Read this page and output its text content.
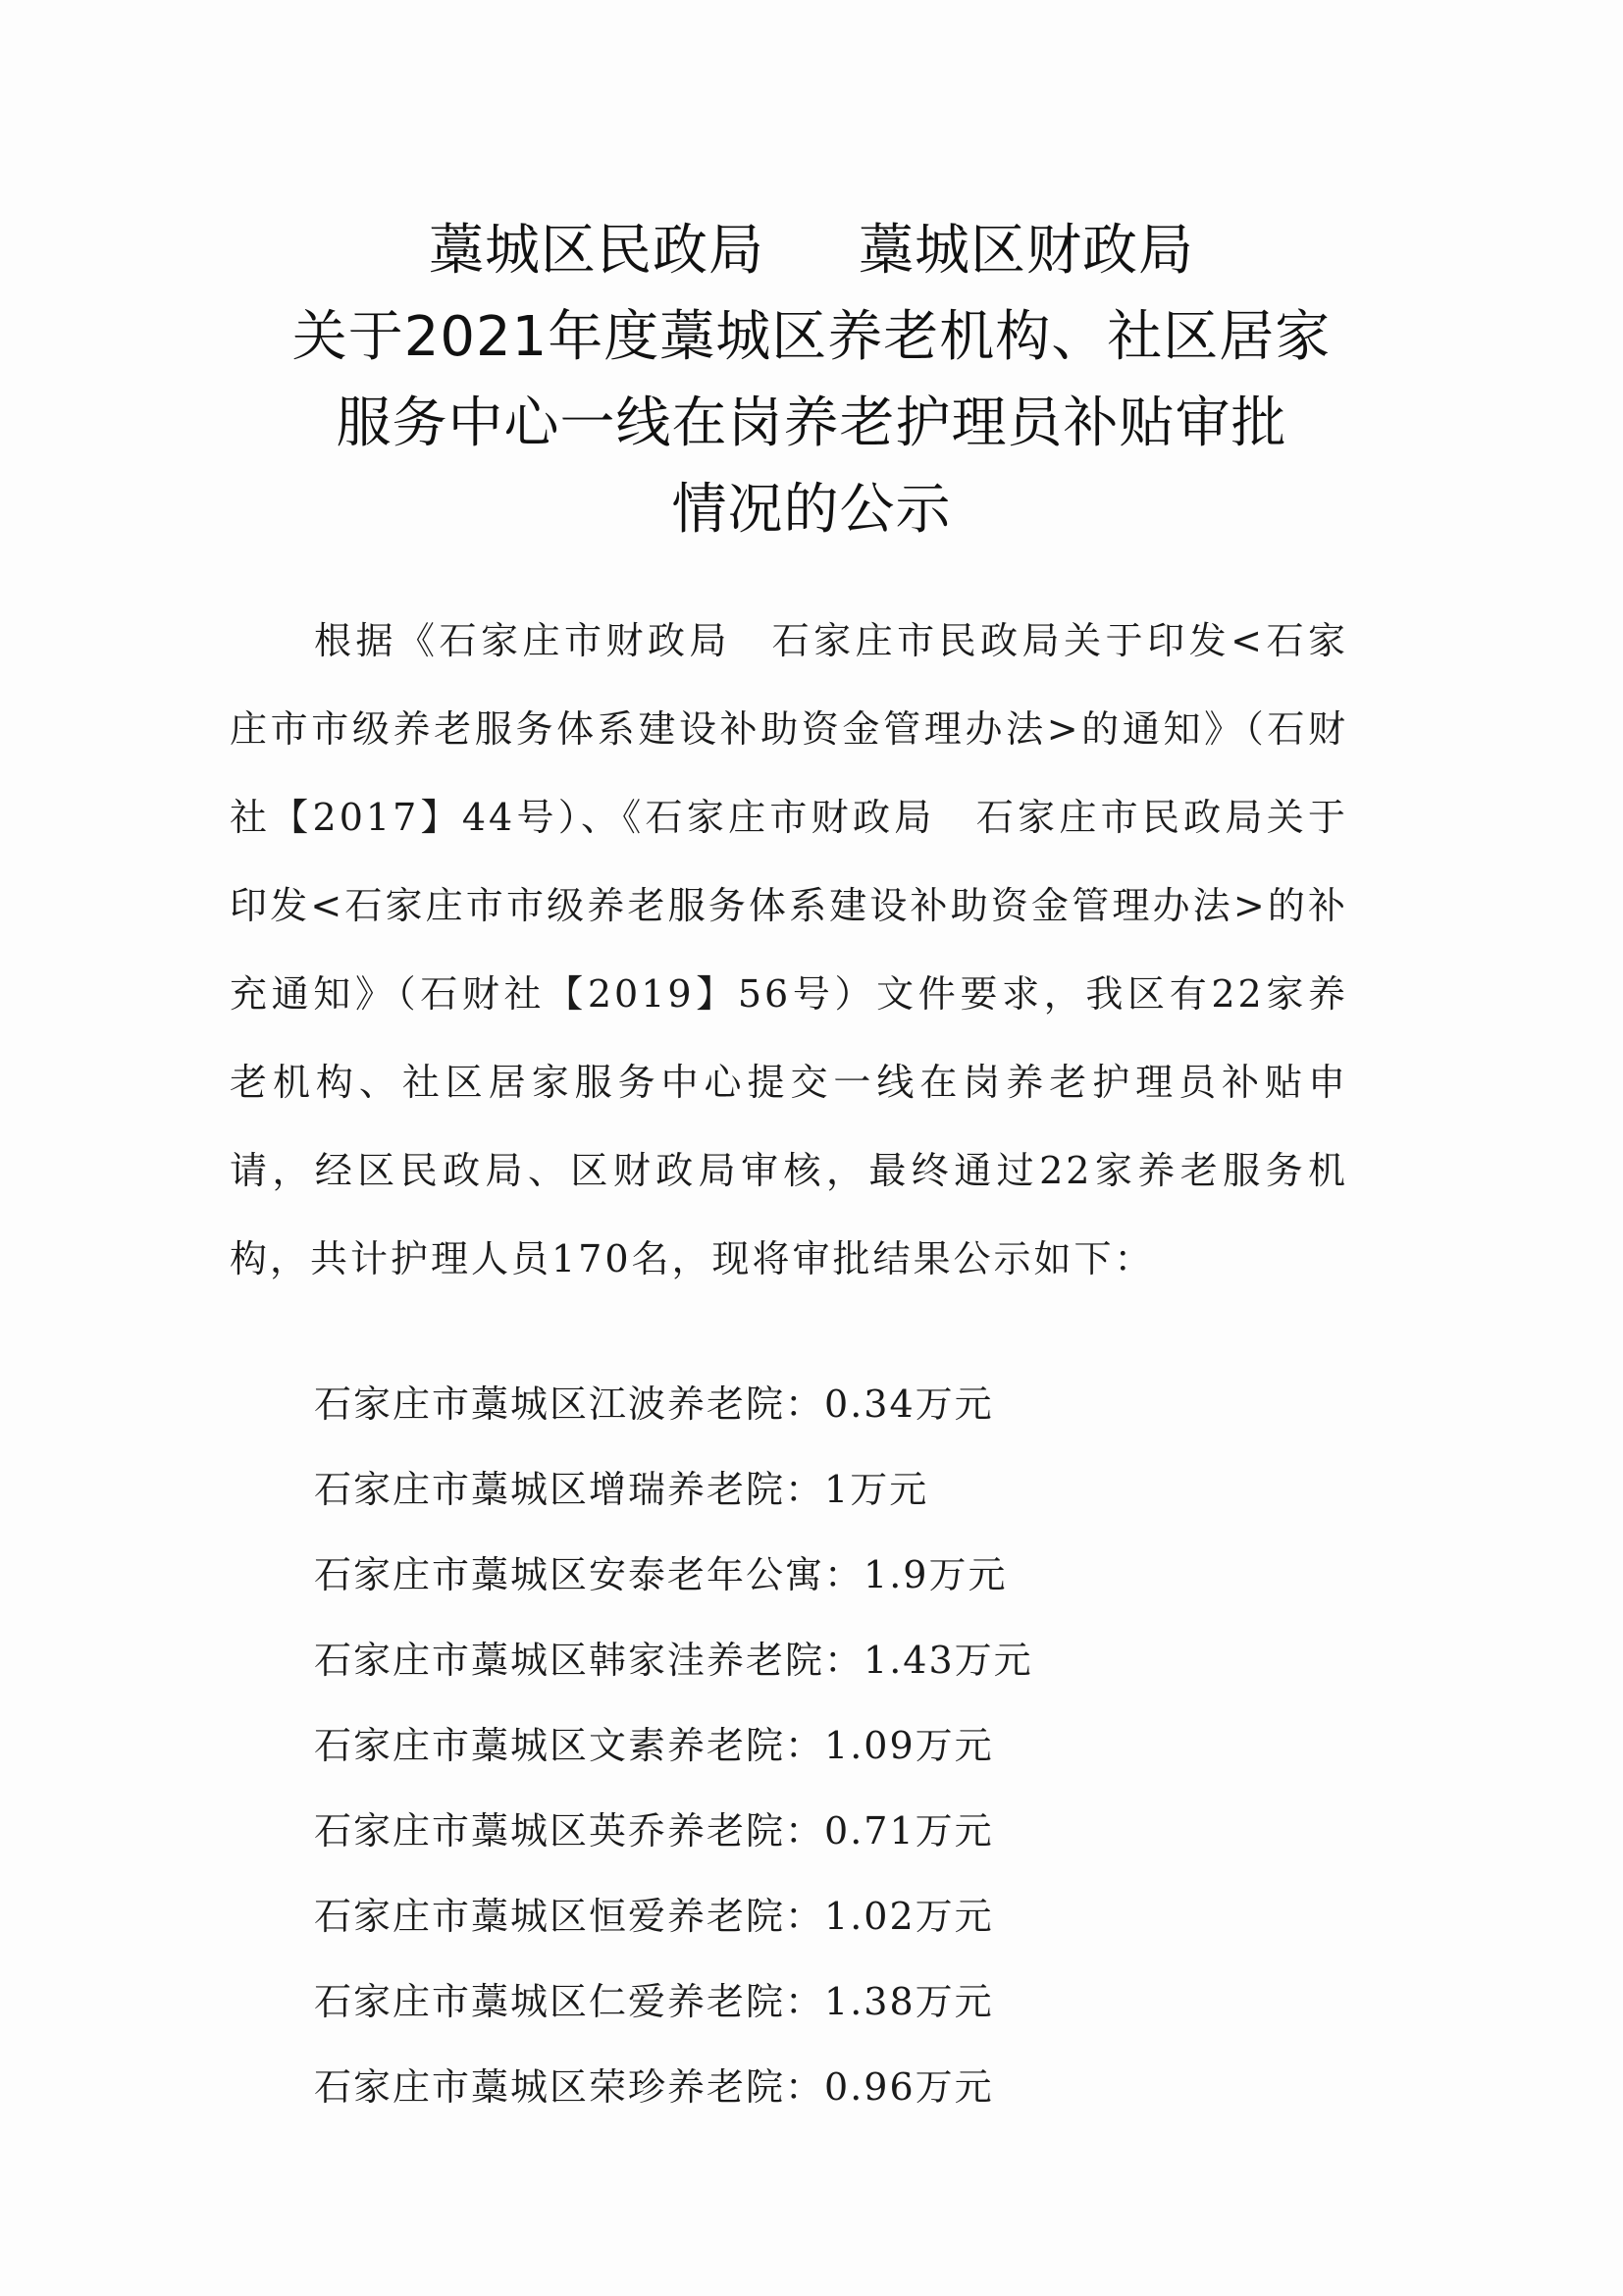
藁城区民政局 藁城区财政局
关于2021年度藁城区养老机构、社区居家
服务中心一线在岗养老护理员补贴审批
情况的公示
根据《石家庄市财政局 石家庄市民政局关于印发<石家庄市市级养老服务体系建设补助资金管理办法>的通知》（石财社【2017】44号）、《石家庄市财政局 石家庄市民政局关于印发<石家庄市市级养老服务体系建设补助资金管理办法>的补充通知》（石财社【2019】56号）文件要求，我区有22家养老机构、社区居家服务中心提交一线在岗养老护理员补贴申请，经区民政局、区财政局审核，最终通过22家养老服务机构，共计护理人员170名，现将审批结果公示如下：
石家庄市藁城区江波养老院：0.34万元
石家庄市藁城区增瑞养老院：1万元
石家庄市藁城区安泰老年公寓：1.9万元
石家庄市藁城区韩家洼养老院：1.43万元
石家庄市藁城区文素养老院：1.09万元
石家庄市藁城区英乔养老院：0.71万元
石家庄市藁城区恒爱养老院：1.02万元
石家庄市藁城区仁爱养老院：1.38万元
石家庄市藁城区荣珍养老院：0.96万元
